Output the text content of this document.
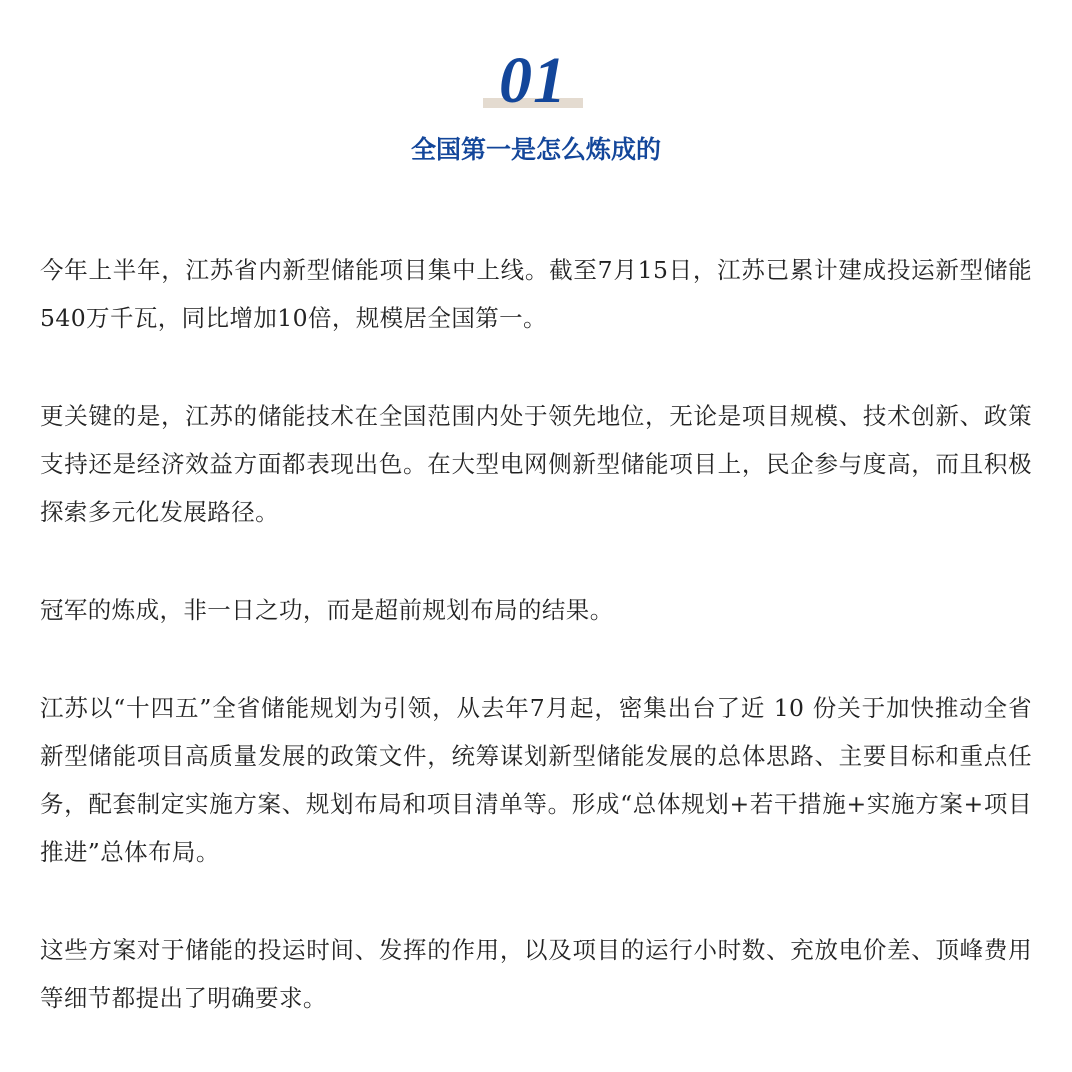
01
全国第一是怎么炼成的

今年上半年，江苏省内新型储能项目集中上线。截至7月15日，江苏已累计建成投运新型储能540万千瓦，同比增加10倍，规模居全国第一。

更关键的是，江苏的储能技术在全国范围内处于领先地位，无论是项目规模、技术创新、政策支持还是经济效益方面都表现出色。在大型电网侧新型储能项目上，民企参与度高，而且积极探索多元化发展路径。

冠军的炼成，非一日之功，而是超前规划布局的结果。

江苏以“十四五”全省储能规划为引领，从去年7月起，密集出台了近 10 份关于加快推动全省新型储能项目高质量发展的政策文件，统筹谋划新型储能发展的总体思路、主要目标和重点任务，配套制定实施方案、规划布局和项目清单等。形成“总体规划+若干措施+实施方案+项目推进”总体布局。

这些方案对于储能的投运时间、发挥的作用，以及项目的运行小时数、充放电价差、顶峰费用等细节都提出了明确要求。
